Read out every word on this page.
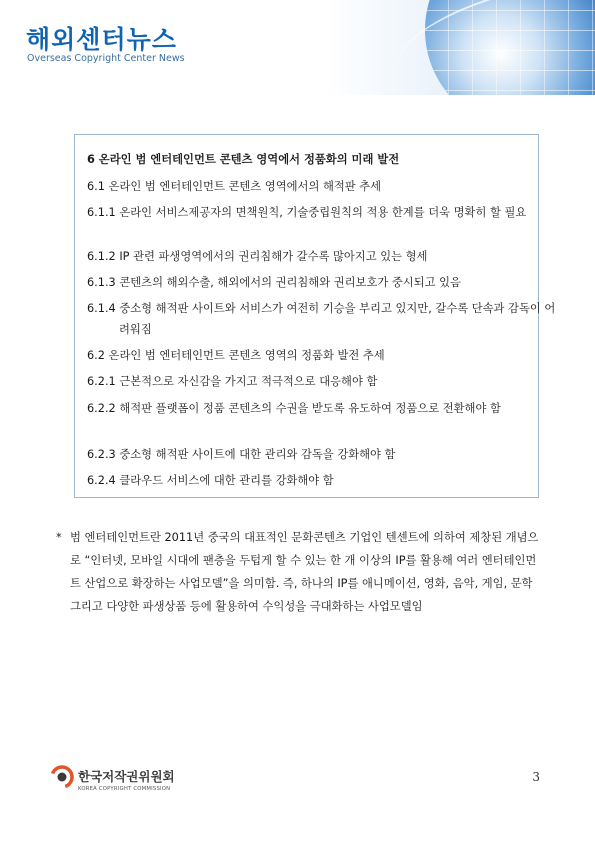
해외센터뉴스
Overseas Copyright Center News
6 온라인 범 엔터테인먼트 콘텐츠 영역에서 정품화의 미래 발전
6.1 온라인 범 엔터테인먼트 콘텐츠 영역에서의 해적판 추세
6.1.1 온라인 서비스제공자의 면책원칙, 기술중립원칙의 적용 한계를 더욱 명확히 할 필요
6.1.2 IP 관련 파생영역에서의 권리침해가 갈수록 많아지고 있는 형세
6.1.3 콘텐츠의 해외수출, 해외에서의 권리침해와 권리보호가 중시되고 있음
6.1.4 중소형 해적판 사이트와 서비스가 여전히 기승을 부리고 있지만, 갈수록 단속과 감독이 어려워짐
6.2 온라인 범 엔터테인먼트 콘텐츠 영역의 정품화 발전 추세
6.2.1 근본적으로 자신감을 가지고 적극적으로 대응해야 함
6.2.2 해적판 플랫폼이 정품 콘텐츠의 수권을 받도록 유도하여 정품으로 전환해야 함
6.2.3 중소형 해적판 사이트에 대한 관리와 감독을 강화해야 함
6.2.4 클라우드 서비스에 대한 관리를 강화해야 함
* 범 엔터테인먼트란 2011년 중국의 대표적인 문화콘텐츠 기업인 텐센트에 의하여 제창된 개념으로 “인터넷, 모바일 시대에 팬층을 두텁게 할 수 있는 한 개 이상의 IP를 활용해 여러 엔터테인먼트 산업으로 확장하는 사업모델”을 의미함. 즉, 하나의 IP를 애니메이션, 영화, 음악, 게임, 문학 그리고 다양한 파생상품 등에 활용하여 수익성을 극대화하는 사업모델임
한국저작권위원회
KOREA COPYRIGHT COMMISSION
3
